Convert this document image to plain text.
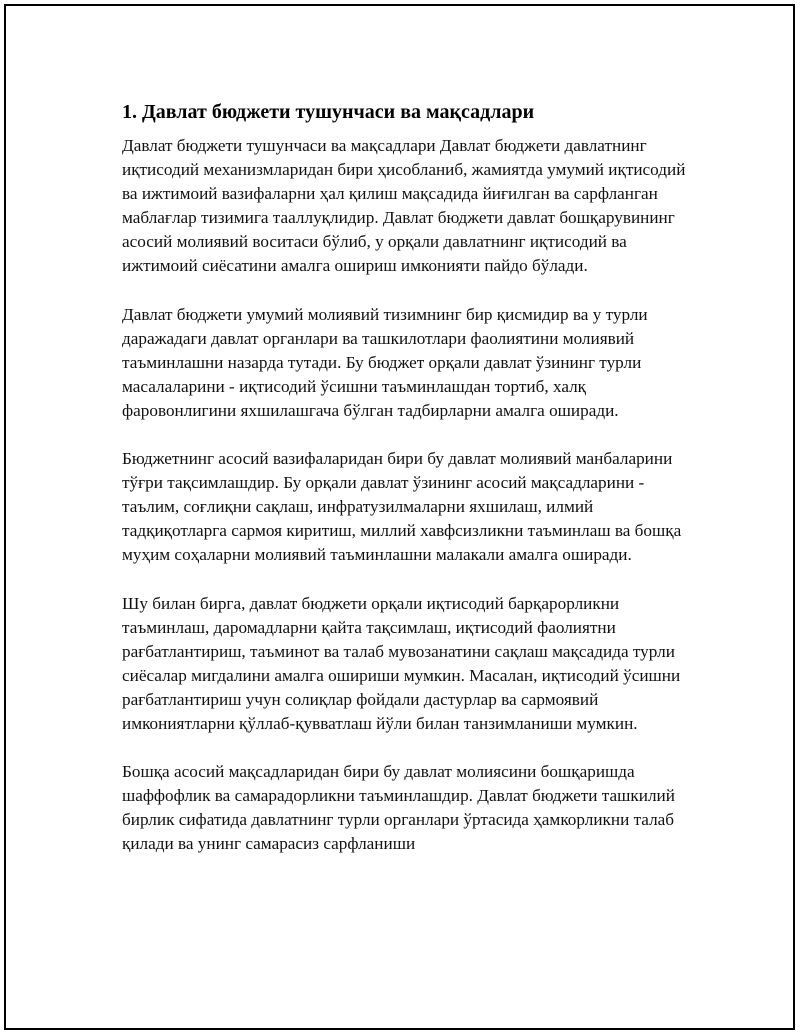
1. Давлат бюджети тушунчаси ва мақсадлари

Давлат бюджети тушунчаси ва мақсадлари Давлат бюджети давлатнинг иқтисодий механизмларидан бири ҳисобланиб, жамиятда умумий иқтисодий ва ижтимоий вазифаларни ҳал қилиш мақсадида йиғилган ва сарфланган маблағлар тизимига тааллуқлидир. Давлат бюджети давлат бошқарувининг асосий молиявий воситаси бўлиб, у орқали давлатнинг иқтисодий ва ижтимоий сиёсатини амалга ошириш имконияти пайдо бўлади.

Давлат бюджети умумий молиявий тизимнинг бир қисмидир ва у турли даражадаги давлат органлари ва ташкилотлари фаолиятини молиявий таъминлашни назарда тутади. Бу бюджет орқали давлат ўзининг турли масалаларини - иқтисодий ўсишни таъминлашдан тортиб, халқ фаровонлигини яхшилашгача бўлган тадбирларни амалга оширади.

Бюджетнинг асосий вазифаларидан бири бу давлат молиявий манбаларини тўғри тақсимлашдир. Бу орқали давлат ўзининг асосий мақсадларини - таълим, соғлиқни сақлаш, инфратузилмаларни яхшилаш, илмий тадқиқотларга сармоя киритиш, миллий хавфсизликни таъминлаш ва бошқа муҳим соҳаларни молиявий таъминлашни малакали амалга оширади.

Шу билан бирга, давлат бюджети орқали иқтисодий барқарорликни таъминлаш, даромадларни қайта тақсимлаш, иқтисодий фаолиятни рағбатлантириш, таъминот ва талаб мувозанатини сақлаш мақсадида турли сиёсалар мигдалини амалга ошириши мумкин. Масалан, иқтисодий ўсишни рағбатлантириш учун солиқлар фойдали дастурлар ва сармоявий имкониятларни қўллаб-қувватлаш йўли билан танзимланиши мумкин.

Бошқа асосий мақсадларидан бири бу давлат молиясини бошқаришда шаффофлик ва самарадорликни таъминлашдир. Давлат бюджети ташкилий бирлик сифатида давлатнинг турли органлари ўртасида ҳамкорликни талаб қилади ва унинг самарасиз сарфланиши
